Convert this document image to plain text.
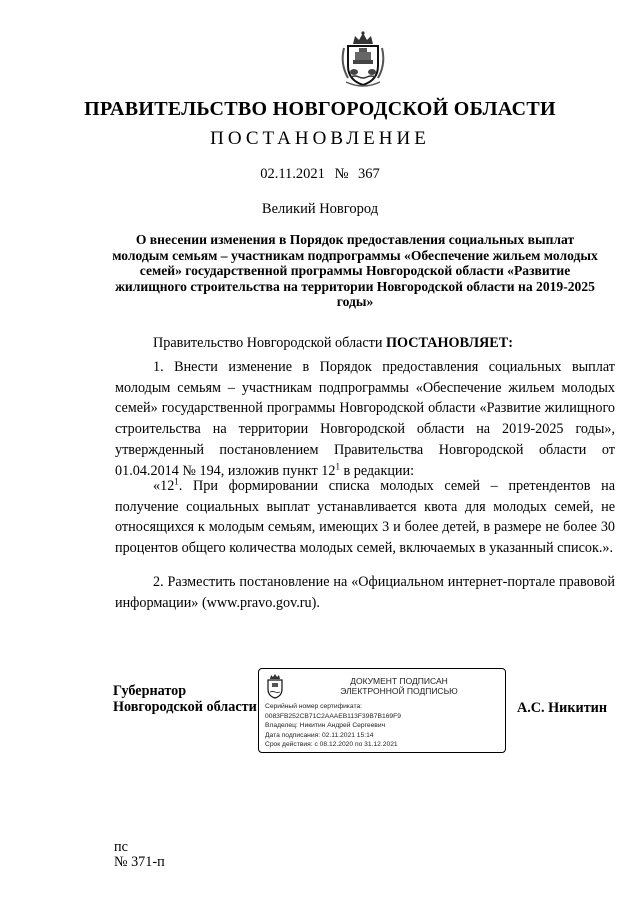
ПРАВИТЕЛЬСТВО НОВГОРОДСКОЙ ОБЛАСТИ
ПОСТАНОВЛЕНИЕ
02.11.2021 № 367
Великий Новгород
О внесении изменения в Порядок предоставления социальных выплат молодым семьям – участникам подпрограммы «Обеспечение жильем молодых семей» государственной программы Новгородской области «Развитие жилищного строительства на территории Новгородской области на 2019-2025 годы»

Правительство Новгородской области ПОСТАНОВЛЯЕТ:

1. Внести изменение в Порядок предоставления социальных выплат молодым семьям – участникам подпрограммы «Обеспечение жильем молодых семей» государственной программы Новгородской области «Развитие жилищного строительства на территории Новгородской области на 2019-2025 годы», утвержденный постановлением Правительства Новгородской области от 01.04.2014 № 194, изложив пункт $12^1$ в редакции:

«$12^1$. При формировании списка молодых семей – претендентов на получение социальных выплат устанавливается квота для молодых семей, не относящихся к молодым семьям, имеющих 3 и более детей, в размере не более 30 процентов общего количества молодых семей, включаемых в указанный список.».

2. Разместить постановление на «Официальном интернет-портале правовой информации» (www.pravo.gov.ru).

Губернатор
Новгородской области
ДОКУМЕНТ ПОДПИСАН
ЭЛЕКТРОННОЙ ПОДПИСЬЮ
Серийный номер сертификата:
0083FB252CB71C2AAAEB113F39B7B169F9
Владелец: Никитин Андрей Сергеевич
Дата подписания: 02.11.2021 15:14
Срок действия: с 08.12.2020 по 31.12.2021
А.С. Никитин
пс
№ 371-п
